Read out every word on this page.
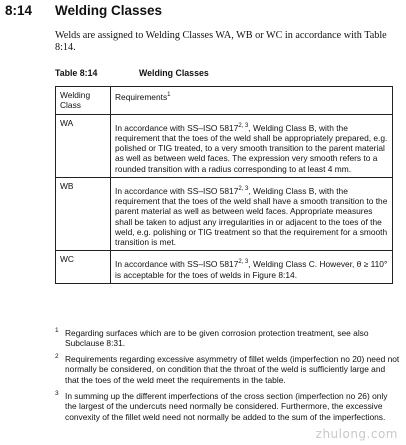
8:14 Welding Classes
Welds are assigned to Welding Classes WA, WB or WC in accordance with Table 8:14.
Table 8:14	Welding Classes
Welding Class	Requirements$^1$
WA	In accordance with SS–ISO 5817$^{2, 3}$, Welding Class B, with the requirement that the toes of the weld shall be appropriately prepared, e.g. polished or TIG treated, to a very smooth transition to the parent material as well as between weld faces. The expression very smooth refers to a rounded transition with a radius corresponding to at least 4 mm.
WB	In accordance with SS–ISO 5817$^{2, 3}$, Welding Class B, with the requirement that the toes of the weld shall have a smooth transition to the parent material as well as between weld faces. Appropriate measures shall be taken to adjust any irregularities in or adjacent to the toes of the weld, e.g. polishing or TIG treatment so that the requirement for a smooth transition is met.
WC	In accordance with SS–ISO 5817$^{2, 3}$, Welding Class C. However, θ ≥ 110° is acceptable for the toes of welds in Figure 8:14.
1 Regarding surfaces which are to be given corrosion protection treatment, see also Subclause 8:31.
2 Requirements regarding excessive asymmetry of fillet welds (imperfection no 20) need not normally be considered, on condition that the throat of the weld is sufficiently large and that the toes of the weld meet the requirements in the table.
3 In summing up the different imperfections of the cross section (imperfection no 26) only the largest of the undercuts need normally be considered. Furthermore, the excessive convexity of the fillet weld need not normally be added to the sum of the imperfections.
zhulong.com
